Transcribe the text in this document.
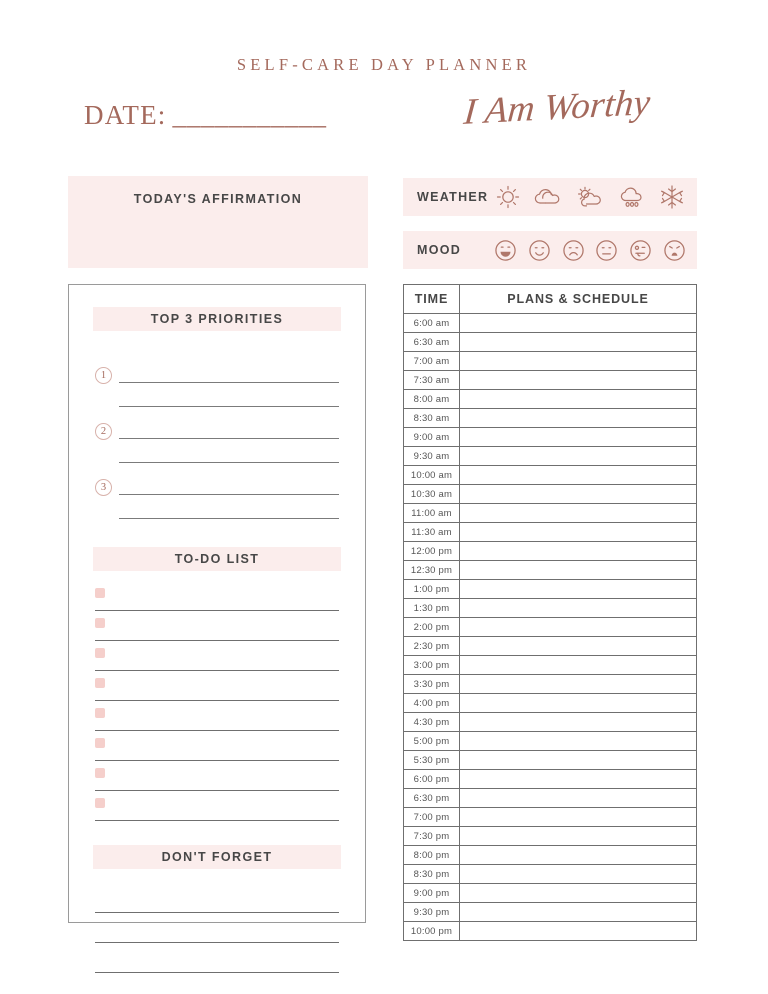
SELF-CARE DAY PLANNER
DATE: ___________	I Am Worthy
TODAY'S AFFIRMATION
TOP 3 PRIORITIES
1
2
3
TO-DO LIST
DON'T FORGET
WEATHER
MOOD
TIME	PLANS & SCHEDULE
6:00 am	
6:30 am	
7:00 am	
7:30 am	
8:00 am	
8:30 am	
9:00 am	
9:30 am	
10:00 am	
10:30 am	
11:00 am	
11:30 am	
12:00 pm	
12:30 pm	
1:00 pm	
1:30 pm	
2:00 pm	
2:30 pm	
3:00 pm	
3:30 pm	
4:00 pm	
4:30 pm	
5:00 pm	
5:30 pm	
6:00 pm	
6:30 pm	
7:00 pm	
7:30 pm	
8:00 pm	
8:30 pm	
9:00 pm	
9:30 pm	
10:00 pm	
